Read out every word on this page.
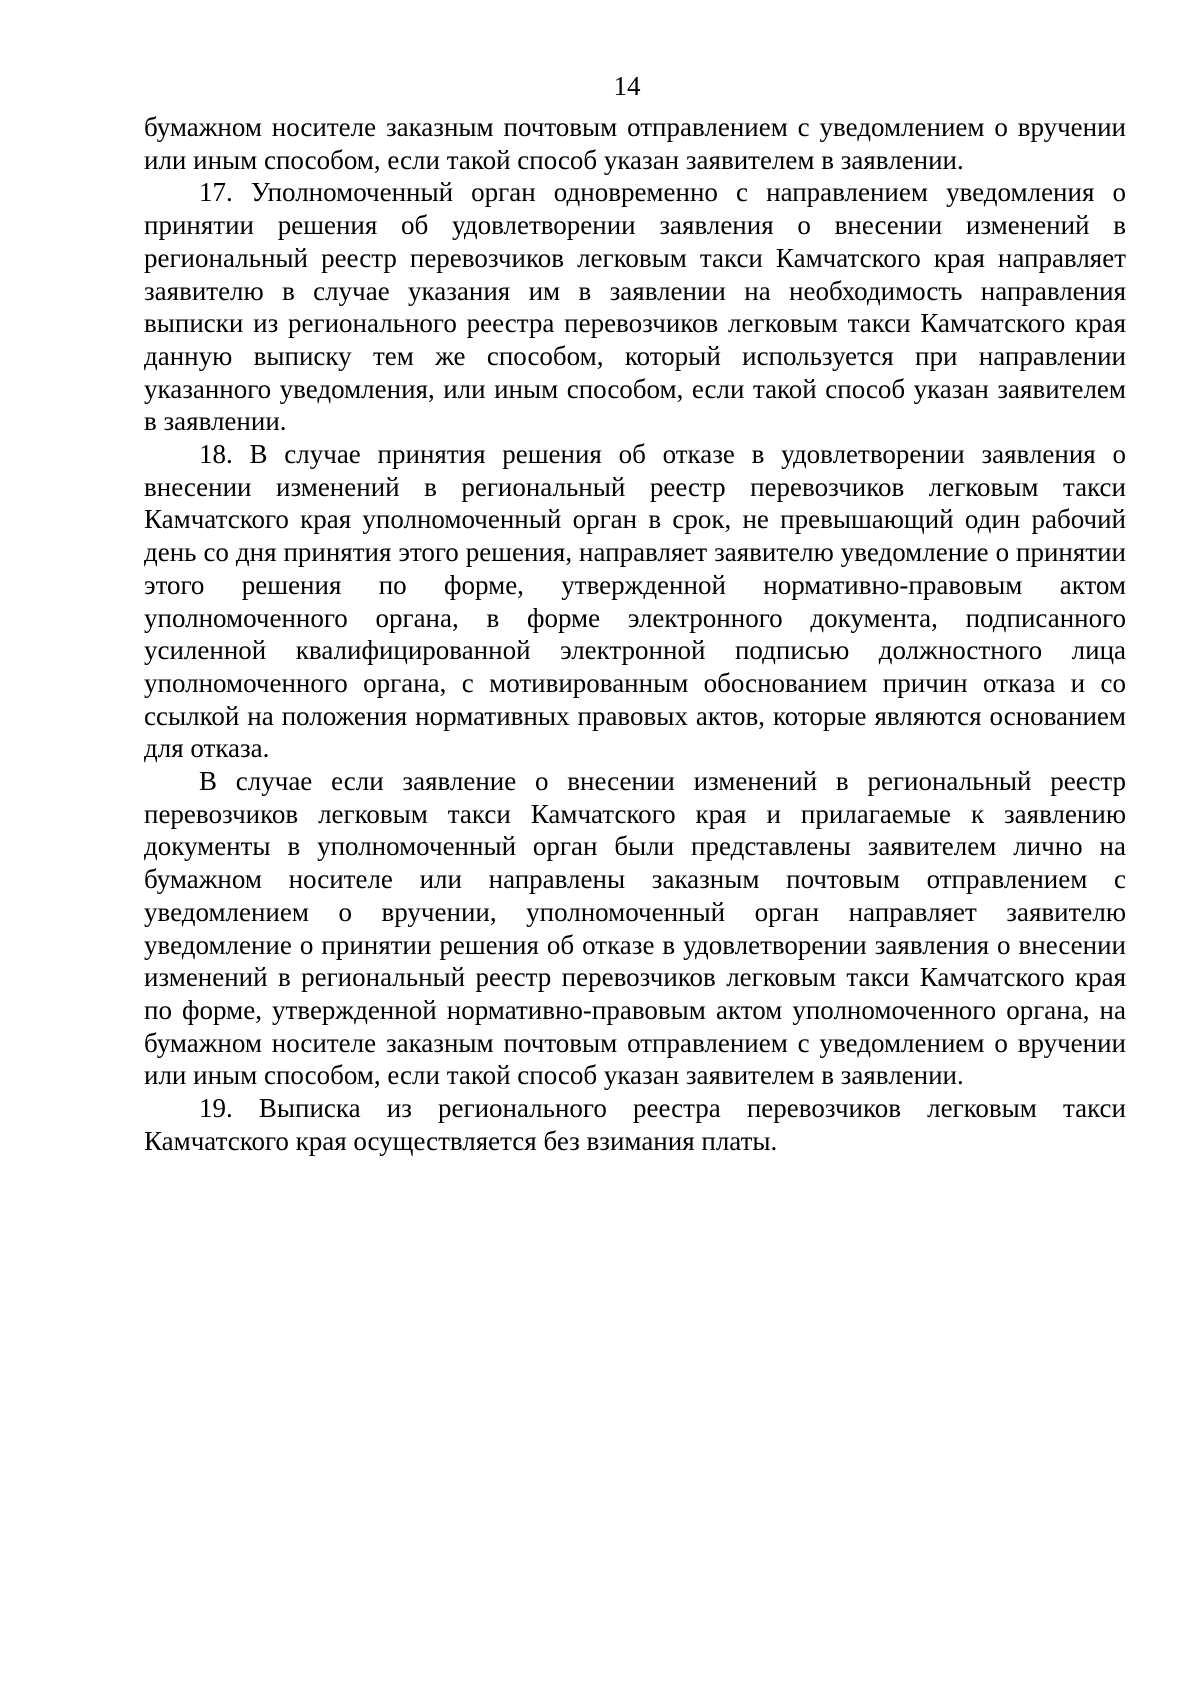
14

бумажном носителе заказным почтовым отправлением с уведомлением о вручении или иным способом, если такой способ указан заявителем в заявлении.

17. Уполномоченный орган одновременно с направлением уведомления о принятии решения об удовлетворении заявления о внесении изменений в региональный реестр перевозчиков легковым такси Камчатского края направляет заявителю в случае указания им в заявлении на необходимость направления выписки из регионального реестра перевозчиков легковым такси Камчатского края данную выписку тем же способом, который используется при направлении указанного уведомления, или иным способом, если такой способ указан заявителем в заявлении.

18. В случае принятия решения об отказе в удовлетворении заявления о внесении изменений в региональный реестр перевозчиков легковым такси Камчатского края уполномоченный орган в срок, не превышающий один рабочий день со дня принятия этого решения, направляет заявителю уведомление о принятии этого решения по форме, утвержденной нормативно-правовым актом уполномоченного органа, в форме электронного документа, подписанного усиленной квалифицированной электронной подписью должностного лица уполномоченного органа, с мотивированным обоснованием причин отказа и со ссылкой на положения нормативных правовых актов, которые являются основанием для отказа.

В случае если заявление о внесении изменений в региональный реестр перевозчиков легковым такси Камчатского края и прилагаемые к заявлению документы в уполномоченный орган были представлены заявителем лично на бумажном носителе или направлены заказным почтовым отправлением с уведомлением о вручении, уполномоченный орган направляет заявителю уведомление о принятии решения об отказе в удовлетворении заявления о внесении изменений в региональный реестр перевозчиков легковым такси Камчатского края по форме, утвержденной нормативно-правовым актом уполномоченного органа, на бумажном носителе заказным почтовым отправлением с уведомлением о вручении или иным способом, если такой способ указан заявителем в заявлении.

19. Выписка из регионального реестра перевозчиков легковым такси Камчатского края осуществляется без взимания платы.
